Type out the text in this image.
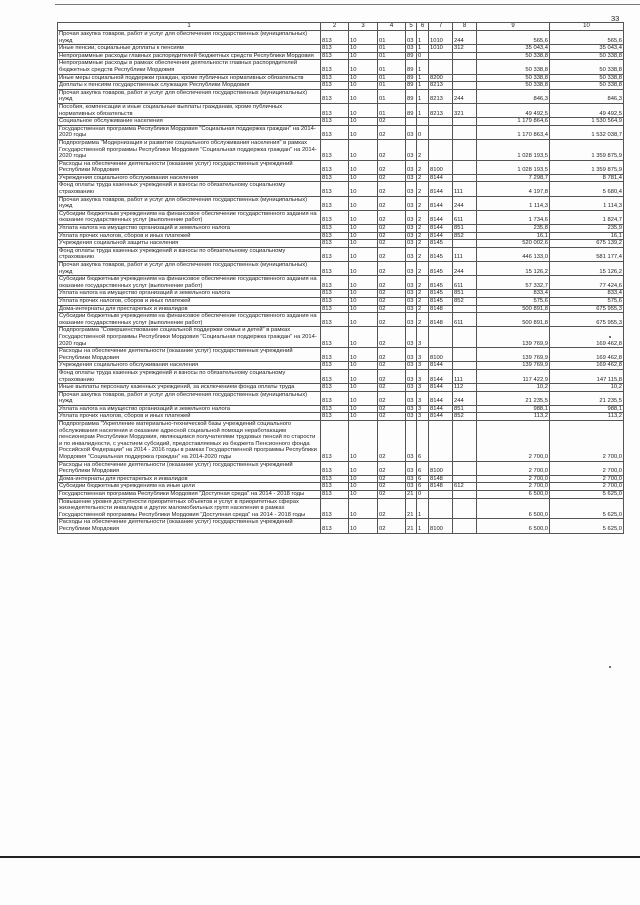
33
1	2	3	4	5	6	7	8	9	10
Прочая закупка товаров, работ и услуг для обеспечения государственных (муниципальных) нужд	813	10	01	03	1	1010	244	565,6	565,6
Иные пенсии, социальные доплаты к пенсиям	813	10	01	03	1	1010	312	35 043,4	35 043,4
Непрограммные расходы главных распорядителей бюджетных средств Республики Мордовия	813	10	01	89	0			50 338,8	50 338,8
Непрограммные расходы в рамках обеспечения деятельности главных распорядителей бюджетных средств Республики Мордовия	813	10	01	89	1			50 338,8	50 338,8
Иные меры социальной поддержки граждан, кроме публичных нормативных обязательств	813	10	01	89	1	8200		50 338,8	50 338,8
Доплаты к пенсиям государственных служащих Республики Мордовия	813	10	01	89	1	8213		50 338,8	50 338,8
Прочая закупка товаров, работ и услуг для обеспечения государственных (муниципальных) нужд	813	10	01	89	1	8213	244	846,3	846,3
Пособия, компенсации и иные социальные выплаты гражданам, кроме публичных нормативных обязательств	813	10	01	89	1	8213	321	49 492,5	49 492,5
Социальное обслуживание населения	813	10	02					1 179 864,6	1 530 564,9
Государственная программа Республики Мордовия "Социальная поддержка граждан" на 2014-2020 годы	813	10	02	03	0			1 170 863,4	1 532 038,7
Подпрограмма "Модернизация и развитие социального обслуживания населения" в рамках Государственной программы Республики Мордовия "Социальная поддержка граждан" на 2014-2020 годы	813	10	02	03	2			1 028 193,5	1 359 875,9
Расходы на обеспечение деятельности (оказание услуг) государственных учреждений Республики Мордовия	813	10	02	03	2	8100		1 028 193,5	1 359 875,9
Учреждения социального обслуживания населения	813	10	02	03	2	8144		7 298,7	8 781,4
Фонд оплаты труда казенных учреждений и взносы по обязательному социальному страхованию	813	10	02	03	2	8144	111	4 197,8	5 680,4
Прочая закупка товаров, работ и услуг для обеспечения государственных (муниципальных) нужд	813	10	02	03	2	8144	244	1 114,3	1 114,3
Субсидии бюджетным учреждениям на финансовое обеспечение государственного задания на оказание государственных услуг (выполнение работ)	813	10	02	03	2	8144	611	1 734,6	1 824,7
Уплата налога на имущество организаций и земельного налога	813	10	02	03	2	8144	851	235,8	235,9
Уплата прочих налогов, сборов и иных платежей	813	10	02	03	2	8144	852	16,1	16,1
Учреждения социальной защиты населения	813	10	02	03	2	8145		520 002,6	675 139,2
Фонд оплаты труда казенных учреждений и взносы по обязательному социальному страхованию	813	10	02	03	2	8145	111	446 133,0	581 177,4
Прочая закупка товаров, работ и услуг для обеспечения государственных (муниципальных) нужд	813	10	02	03	2	8145	244	15 126,2	15 126,2
Субсидии бюджетным учреждениям на финансовое обеспечение государственного задания на оказание государственных услуг (выполнение работ)	813	10	02	03	2	8145	611	57 332,7	77 424,6
Уплата налога на имущество организаций и земельного налога	813	10	02	03	2	8145	851	833,4	833,4
Уплата прочих налогов, сборов и иных платежей	813	10	02	03	2	8145	852	575,6	575,6
Дома-интернаты для престарелых и инвалидов	813	10	02	03	2	8148		500 891,8	675 955,3
Субсидии бюджетным учреждениям на финансовое обеспечение государственного задания на оказание государственных услуг (выполнение работ)	813	10	02	03	2	8148	611	500 891,8	675 955,3
Подпрограмма "Совершенствование социальной поддержки семьи и детей" в рамках Государственной программы Республики Мордовия "Социальная поддержка граждан" на 2014-2020 годы	813	10	02	03	3			139 769,9	169 462,8
Расходы на обеспечение деятельности (оказание услуг) государственных учреждений Республики Мордовия	813	10	02	03	3	8100		139 769,9	169 462,8
Учреждения социального обслуживания населения	813	10	02	03	3	8144		139 769,9	169 462,8
Фонд оплаты труда казенных учреждений и взносы по обязательному социальному страхованию	813	10	02	03	3	8144	111	117 422,9	147 115,8
Иные выплаты персоналу казенных учреждений, за исключением фонда оплаты труда	813	10	02	03	3	8144	112	10,2	10,2
Прочая закупка товаров, работ и услуг для обеспечения государственных (муниципальных) нужд	813	10	02	03	3	8144	244	21 235,5	21 235,5
Уплата налога на имущество организаций и земельного налога	813	10	02	03	3	8144	851	988,1	988,1
Уплата прочих налогов, сборов и иных платежей	813	10	02	03	3	8144	852	113,2	113,2
Подпрограмма "Укрепление материально-технической базы учреждений социального обслуживания населения и оказание адресной социальной помощи неработающим пенсионерам Республики Мордовия, являющимся получателями трудовых пенсий по старости и по инвалидности, с участием субсидий, предоставляемых из бюджета Пенсионного фонда Российской Федерации" на 2014 - 2016 годы в рамках Государственной программы Республики Мордовия "Социальная поддержка граждан" на 2014-2020 годы	813	10	02	03	6			2 700,0	2 700,0
Расходы на обеспечение деятельности (оказание услуг) государственных учреждений Республики Мордовия	813	10	02	03	6	8100		2 700,0	2 700,0
Дома-интернаты для престарелых и инвалидов	813	10	02	03	6	8148		2 700,0	2 700,0
Субсидии бюджетным учреждениям на иные цели	813	10	02	03	6	8148	612	2 700,0	2 700,0
Государственная программа Республики Мордовия "Доступная среда" на 2014 - 2018 годы	813	10	02	21	0			6 500,0	5 625,0
Повышение уровня доступности приоритетных объектов и услуг в приоритетных сферах жизнедеятельности инвалидов и других маломобильных групп населения в рамках Государственной программы Республики Мордовия "Доступная среда" на 2014 - 2018 годы	813	10	02	21	1			6 500,0	5 625,0
Расходы на обеспечение деятельности (оказание услуг) государственных учреждений Республики Мордовия	813	10	02	21	1	8100		6 500,0	5 625,0
